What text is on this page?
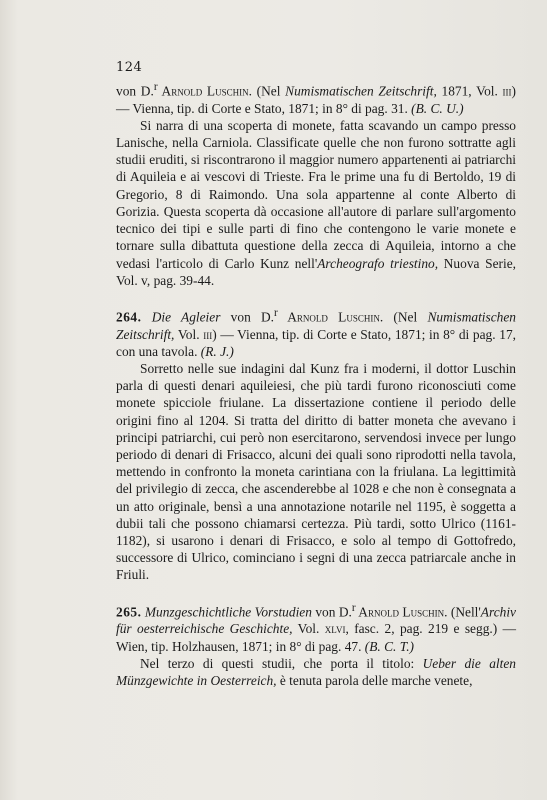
124

von D.$^r$ Arnold Luschin. (Nel Numismatischen Zeitschrift, 1871, Vol. iii) — Vienna, tip. di Corte e Stato, 1871; in 8° di pag. 31. (B. C. U.)

Si narra di una scoperta di monete, fatta scavando un campo presso Lanische, nella Carniola. Classificate quelle che non furono sottratte agli studii eruditi, si riscontrarono il maggior numero appartenenti ai patriarchi di Aquileia e ai vescovi di Trieste. Fra le prime una fu di Bertoldo, 19 di Gregorio, 8 di Raimondo. Una sola appartenne al conte Alberto di Gorizia. Questa scoperta dà occasione all'autore di parlare sull'argomento tecnico dei tipi e sulle parti di fino che contengono le varie monete e tornare sulla dibattuta questione della zecca di Aquileia, intorno a che vedasi l'articolo di Carlo Kunz nell'Archeografo triestino, Nuova Serie, Vol. v, pag. 39-44.

264. Die Agleier von D.$^r$ Arnold Luschin. (Nel Numismatischen Zeitschrift, Vol. iii) — Vienna, tip. di Corte e Stato, 1871; in 8° di pag. 17, con una tavola. (R. J.)

Sorretto nelle sue indagini dal Kunz fra i moderni, il dottor Luschin parla di questi denari aquileiesi, che più tardi furono riconosciuti come monete spicciole friulane. La dissertazione contiene il periodo delle origini fino al 1204. Si tratta del diritto di batter moneta che avevano i principi patriarchi, cui però non esercitarono, servendosi invece per lungo periodo di denari di Frisacco, alcuni dei quali sono riprodotti nella tavola, mettendo in confronto la moneta carintiana con la friulana. La legittimità del privilegio di zecca, che ascenderebbe al 1028 e che non è consegnata a un atto originale, bensì a una annotazione notarile nel 1195, è soggetta a dubii tali che possono chiamarsi certezza. Più tardi, sotto Ulrico (1161-1182), si usarono i denari di Frisacco, e solo al tempo di Gottofredo, successore di Ulrico, cominciano i segni di una zecca patriarcale anche in Friuli.

265. Munzgeschichtliche Vorstudien von D.$^r$ Arnold Luschin. (Nell'Archiv für oesterreichische Geschichte, Vol. xlvi, fasc. 2, pag. 219 e segg.) — Wien, tip. Holzhausen, 1871; in 8° di pag. 47. (B. C. T.)

Nel terzo di questi studii, che porta il titolo: Ueber die alten Münzgewichte in Oesterreich, è tenuta parola delle marche venete,
